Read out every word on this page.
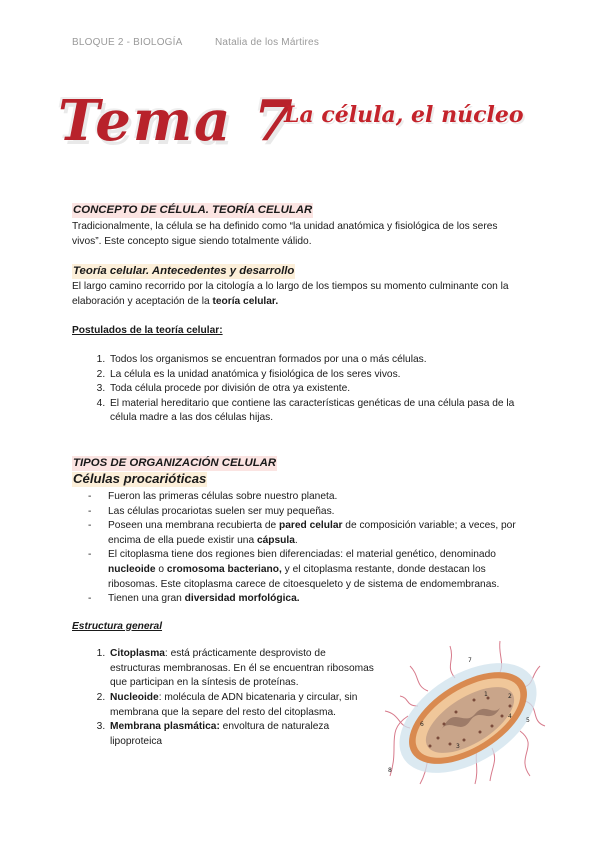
BLOQUE 2 - BIOLOGÍA	Natalia de los Mártires
Tema 7
La célula, el núcleo
CONCEPTO DE CÉLULA. TEORÍA CELULAR

Tradicionalmente, la célula se ha definido como “la unidad anatómica y fisiológica de los seres vivos”. Este concepto sigue siendo totalmente válido.

Teoría celular. Antecedentes y desarrollo

El largo camino recorrido por la citología a lo largo de los tiempos su momento culminante con la elaboración y aceptación de la teoría celular.

Postulados de la teoría celular:

1. Todos los organismos se encuentran formados por una o más células.
2. La célula es la unidad anatómica y fisiológica de los seres vivos.
3. Toda célula procede por división de otra ya existente.
4. El material hereditario que contiene las características genéticas de una célula pasa de la célula madre a las dos células hijas.
TIPOS DE ORGANIZACIÓN CELULAR
Células procarióticas
- Fueron las primeras células sobre nuestro planeta.
- Las células procariotas suelen ser muy pequeñas.
- Poseen una membrana recubierta de pared celular de composición variable; a veces, por encima de ella puede existir una cápsula.
- El citoplasma tiene dos regiones bien diferenciadas: el material genético, denominado nucleoide o cromosoma bacteriano, y el citoplasma restante, donde destacan los ribosomas. Este citoplasma carece de citoesqueleto y de sistema de endomembranas.
- Tienen una gran diversidad morfológica.

Estructura general

1. Citoplasma: está prácticamente desprovisto de estructuras membranosas. En él se encuentran ribosomas que participan en la síntesis de proteínas.
2. Nucleoide: molécula de ADN bicatenaria y circular, sin membrana que la separe del resto del citoplasma.
3. Membrana plasmática: envoltura de naturaleza lipoproteica
1	2
3
4
5
6
7
8
